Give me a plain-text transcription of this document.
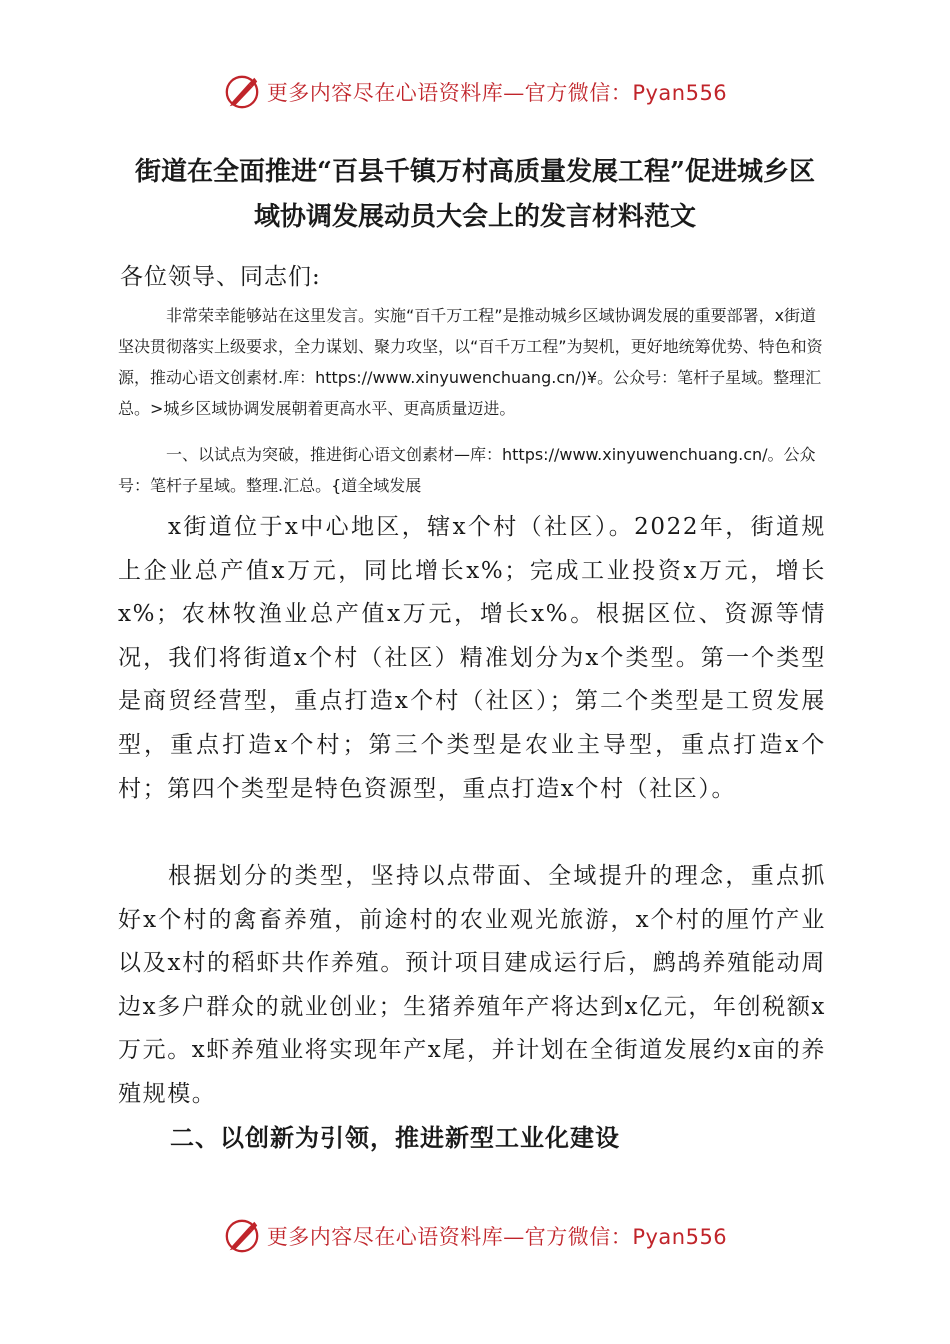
更多内容尽在心语资料库—官方微信：Pyan556
街道在全面推进“百县千镇万村高质量发展工程”促进城乡区
域协调发展动员大会上的发言材料范文
各位领导、同志们:

非常荣幸能够站在这里发言。实施“百千万工程”是推动城乡区域协调发展的重要部署，x街道坚决贯彻落实上级要求，全力谋划、聚力攻坚，以“百千万工程”为契机，更好地统筹优势、特色和资源，推动心语文创素材.库：https://www.xinyuwenchuang.cn/)¥。公众号：笔杆子星域。整理汇总。>城乡区域协调发展朝着更高水平、更高质量迈进。

一、以试点为突破，推进街心语文创素材—库：https://www.xinyuwenchuang.cn/。公众号：笔杆子星域。整理.汇总。{道全域发展

x街道位于x中心地区，辖x个村（社区）。2022年，街道规上企业总产值x万元，同比增长x%；完成工业投资x万元，增长x%；农林牧渔业总产值x万元，增长x%。根据区位、资源等情况，我们将街道x个村（社区）精准划分为x个类型。第一个类型是商贸经营型，重点打造x个村（社区）；第二个类型是工贸发展型，重点打造x个村；第三个类型是农业主导型，重点打造x个村；第四个类型是特色资源型，重点打造x个村（社区）。

根据划分的类型，坚持以点带面、全域提升的理念，重点抓好x个村的禽畜养殖，前途村的农业观光旅游，x个村的厘竹产业以及x村的稻虾共作养殖。预计项目建成运行后，鹧鸪养殖能动周边x多户群众的就业创业；生猪养殖年产将达到x亿元，年创税额x万元。x虾养殖业将实现年产x尾，并计划在全街道发展约x亩的养殖规模。

二、以创新为引领，推进新型工业化建设
更多内容尽在心语资料库—官方微信：Pyan556
